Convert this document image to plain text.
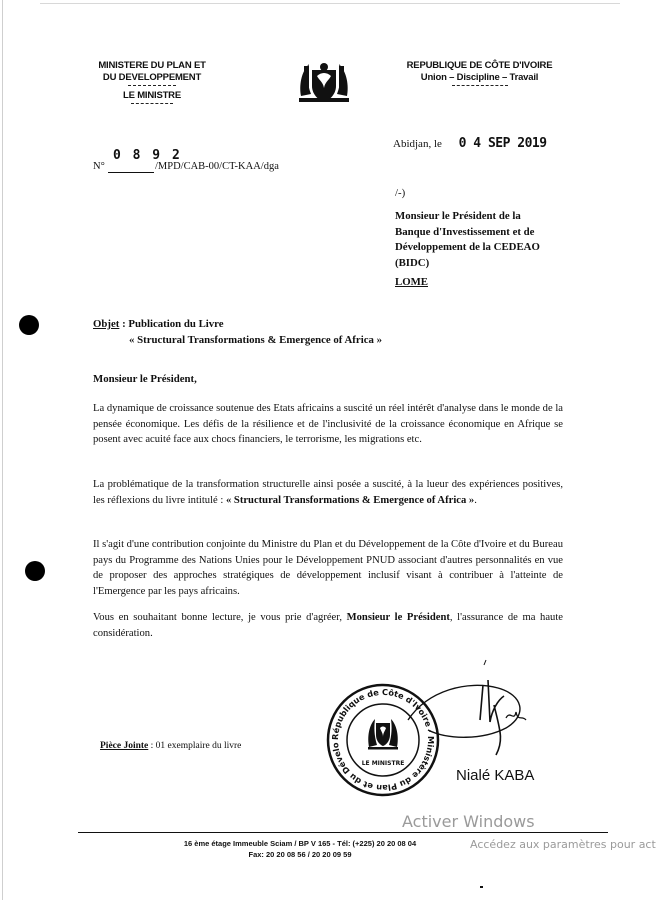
MINISTERE DU PLAN ET
DU DEVELOPPEMENT
LE MINISTRE
REPUBLIQUE DE CÔTE D'IVOIRE
Union – Discipline – Travail
Abidjan, le 0 4 SEP 2019
N°
0 8 9 2
/MPD/CAB-00/CT-KAA/dga
/-)
Monsieur le Président de la
Banque d'Investissement et de
Développement de la CEDEAO
(BIDC)
LOME
Objet : Publication du Livre
« Structural Transformations & Emergence of Africa »
Monsieur le Président,
La dynamique de croissance soutenue des Etats africains a suscité un réel intérêt d'analyse dans le monde de la pensée économique. Les défis de la résilience et de l'inclusivité de la croissance économique en Afrique se posent avec acuité face aux chocs financiers, le terrorisme, les migrations etc.
La problématique de la transformation structurelle ainsi posée a suscité, à la lueur des expériences positives, les réflexions du livre intitulé : « Structural Transformations & Emergence of Africa ».
Il s'agit d'une contribution conjointe du Ministre du Plan et du Développement de la Côte d'Ivoire et du Bureau pays du Programme des Nations Unies pour le Développement PNUD associant d'autres personnalités en vue de proposer des approches stratégiques de développement inclusif visant à contribuer à l'atteinte de l'Emergence par les pays africains.
Vous en souhaitant bonne lecture, je vous prie d'agréer, Monsieur le Président, l'assurance de ma haute considération.
République de Côte d'Ivoire · Ministère du Plan et du Dévelo
LE MINISTRE
Nialé KABA
Pièce Jointe : 01 exemplaire du livre
16 ème étage Immeuble Sciam / BP V 165 - Tél: (+225) 20 20 08 04
Fax: 20 20 08 56 / 20 20 09 59
Activer Windows
Accédez aux paramètres pour act
